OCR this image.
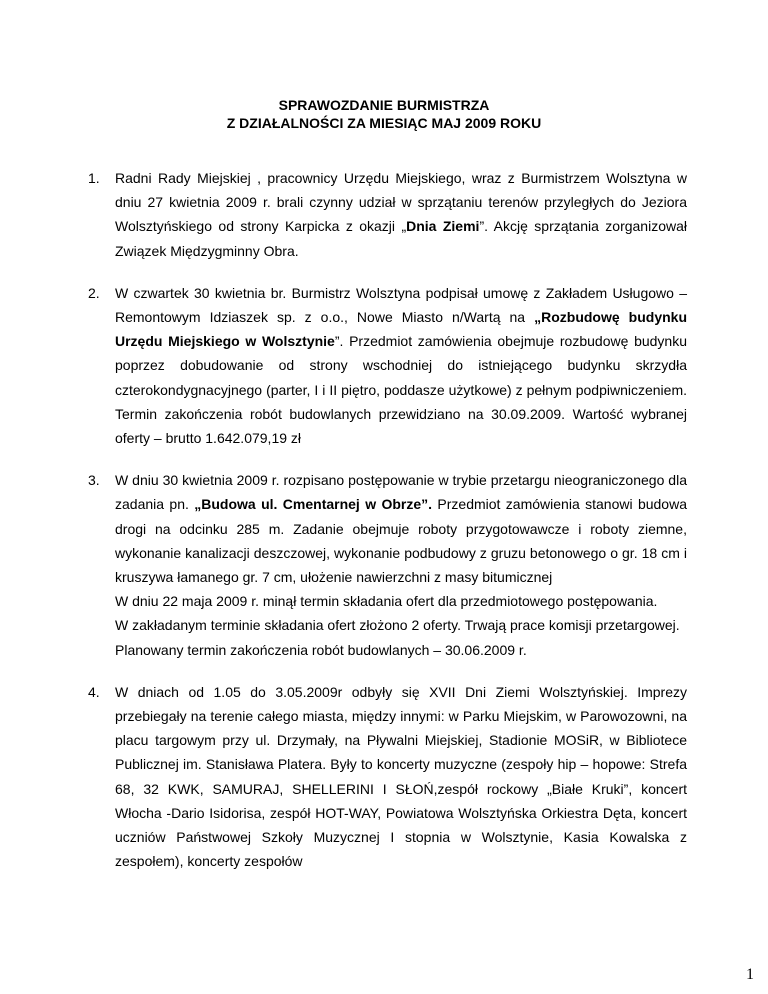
SPRAWOZDANIE BURMISTRZA
Z DZIAŁALNOŚCI ZA MIESIĄC MAJ 2009 ROKU
1. Radni Rady Miejskiej , pracownicy Urzędu Miejskiego, wraz z Burmistrzem Wolsztyna w dniu 27 kwietnia 2009 r. brali czynny udział w sprzątaniu terenów przyległych do Jeziora Wolsztyńskiego od strony Karpicka z okazji „Dnia Ziemi”. Akcję sprzątania zorganizował Związek Międzygminny Obra.

2. W czwartek 30 kwietnia br. Burmistrz Wolsztyna podpisał umowę z Zakładem Usługowo – Remontowym Idziaszek sp. z o.o., Nowe Miasto n/Wartą na „Rozbudowę budynku Urzędu Miejskiego w Wolsztynie”. Przedmiot zamówienia obejmuje rozbudowę budynku poprzez dobudowanie od strony wschodniej do istniejącego budynku skrzydła czterokondygnacyjnego (parter, I i II piętro, poddasze użytkowe) z pełnym podpiwniczeniem. Termin zakończenia robót budowlanych przewidziano na 30.09.2009. Wartość wybranej oferty – brutto 1.642.079,19 zł

3. W dniu 30 kwietnia 2009 r. rozpisano postępowanie w trybie przetargu nieograniczonego dla zadania pn. „Budowa ul. Cmentarnej w Obrze”. Przedmiot zamówienia stanowi budowa drogi na odcinku 285 m. Zadanie obejmuje roboty przygotowawcze i roboty ziemne, wykonanie kanalizacji deszczowej, wykonanie podbudowy z gruzu betonowego o gr. 18 cm i kruszywa łamanego gr. 7 cm, ułożenie nawierzchni z masy bitumicznej

W dniu 22 maja 2009 r. minął termin składania ofert dla przedmiotowego postępowania.

W zakładanym terminie składania ofert złożono 2 oferty. Trwają prace komisji przetargowej.

Planowany termin zakończenia robót budowlanych – 30.06.2009 r.

4. W dniach od 1.05 do 3.05.2009r odbyły się XVII Dni Ziemi Wolsztyńskiej. Imprezy przebiegały na terenie całego miasta, między innymi: w Parku Miejskim, w Parowozowni, na placu targowym przy ul. Drzymały, na Pływalni Miejskiej, Stadionie MOSiR, w Bibliotece Publicznej im. Stanisława Platera. Były to koncerty muzyczne (zespoły hip – hopowe: Strefa 68, 32 KWK, SAMURAJ, SHELLERINI I SŁOŃ,zespół rockowy „Białe Kruki”, koncert Włocha -Dario Isidorisa, zespół HOT-WAY, Powiatowa Wolsztyńska Orkiestra Dęta, koncert uczniów Państwowej Szkoły Muzycznej I stopnia w Wolsztynie, Kasia Kowalska z zespołem), koncerty zespołów

1
